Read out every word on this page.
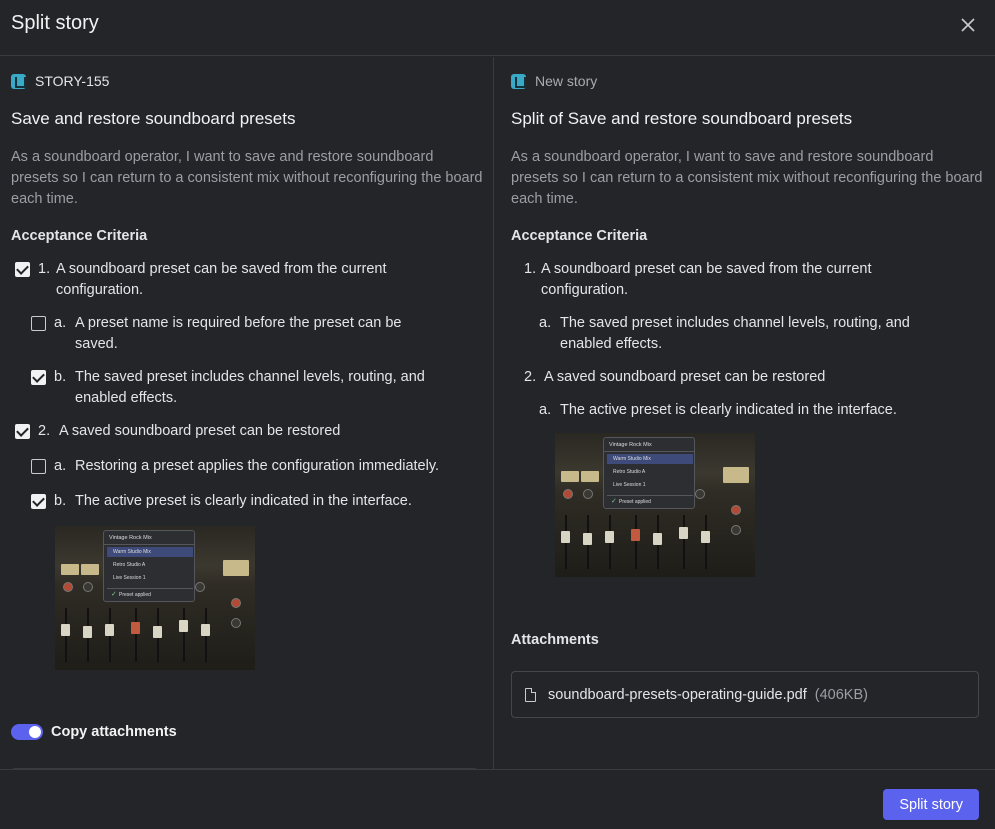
Split story
STORY-155
Save and restore soundboard presets
As a soundboard operator, I want to save and restore soundboard presets so I can return to a consistent mix without reconfiguring the board each time.
Acceptance Criteria
1. A soundboard preset can be saved from the current configuration.
a. A preset name is required before the preset can be saved.
b. The saved preset includes channel levels, routing, and enabled effects.
2. A saved soundboard preset can be restored
a. Restoring a preset applies the configuration immediately.
b. The active preset is clearly indicated in the interface.
Vintage Rock Mix
Warm Studio Mix
Retro Studio A
Live Session 1
✓ Preset applied
Copy attachments
New story
Split of Save and restore soundboard presets
As a soundboard operator, I want to save and restore soundboard presets so I can return to a consistent mix without reconfiguring the board each time.
Acceptance Criteria
1. A soundboard preset can be saved from the current configuration.
a. The saved preset includes channel levels, routing, and enabled effects.
2. A saved soundboard preset can be restored
a. The active preset is clearly indicated in the interface.
Vintage Rock Mix
Warm Studio Mix
Retro Studio A
Live Session 1
✓ Preset applied
Attachments
soundboard-presets-operating-guide.pdf (406KB)
Split story
